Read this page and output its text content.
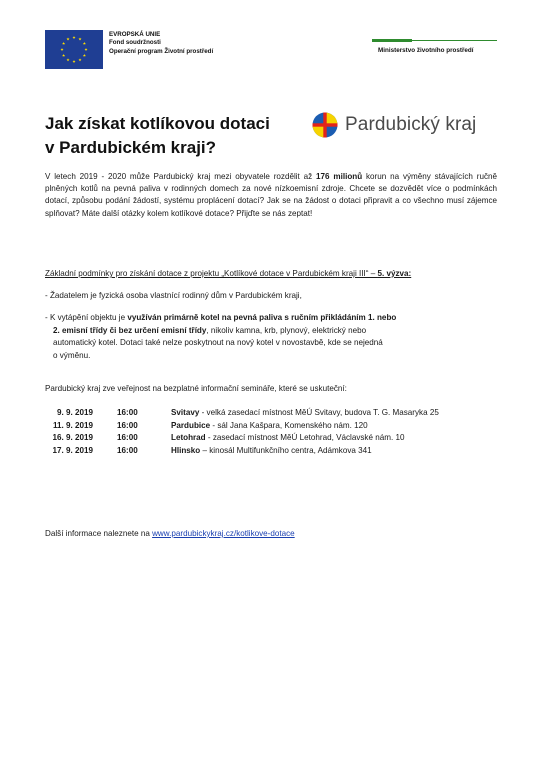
EVROPSKÁ UNIE
Fond soudržnosti
Operační program Životní prostředí	Ministerstvo životního prostředí
Jak získat kotlíkovou dotaci
v Pardubickém kraji?
Pardubický kraj
V letech 2019 - 2020 může Pardubický kraj mezi obyvatele rozdělit až 176 milionů korun na výměny stávajících ručně plněných kotlů na pevná paliva v rodinných domech za nové nízkoemisní zdroje. Chcete se dozvědět více o podmínkách dotací, způsobu podání žádostí, systému proplácení dotací? Jak se na žádost o dotaci připravit a co všechno musí zájemce splňovat? Máte další otázky kolem kotlíkové dotace? Přijďte se nás zeptat!
Základní podmínky pro získání dotace z projektu „Kotlíkové dotace v Pardubickém kraji III“ – 5. výzva:
- Žadatelem je fyzická osoba vlastnící rodinný dům v Pardubickém kraji,
- K vytápění objektu je využíván primárně kotel na pevná paliva s ručním přikládáním 1. nebo
2. emisní třídy či bez určení emisní třídy, nikoliv kamna, krb, plynový, elektrický nebo
automatický kotel. Dotaci také nelze poskytnout na nový kotel v novostavbě, kde se nejedná
o výměnu.
Pardubický kraj zve veřejnost na bezplatné informační semináře, které se uskuteční:
9. 9. 2019	16:00	Svitavy - velká zasedací místnost MěÚ Svitavy, budova T. G. Masaryka 25
11. 9. 2019	16:00	Pardubice - sál Jana Kašpara, Komenského nám. 120
16. 9. 2019	16:00	Letohrad - zasedací místnost MěÚ Letohrad, Václavské nám. 10
17. 9. 2019	16:00	Hlinsko – kinosál Multifunkčního centra, Adámkova 341
Další informace naleznete na www.pardubickykraj.cz/kotlikove-dotace
